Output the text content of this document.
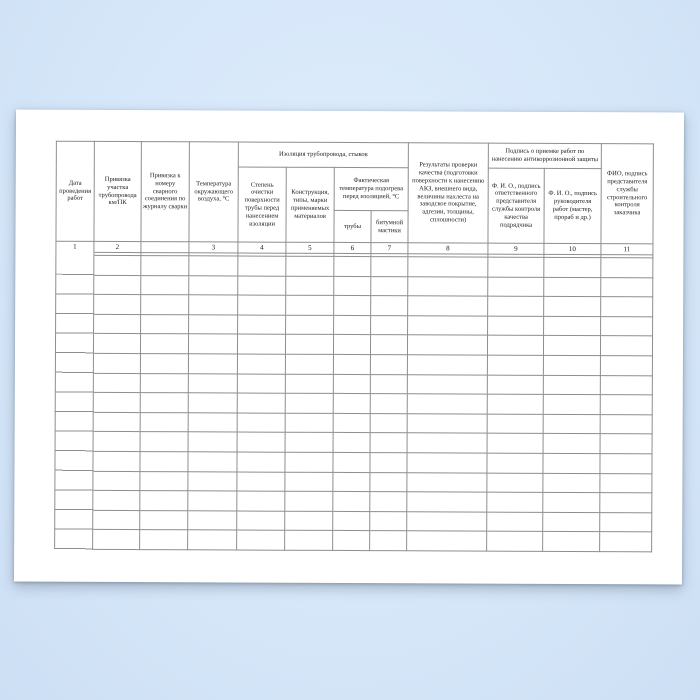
Дата проведения работ	Привязка участка трубопровода км/ПК	Привязка к номеру сварного соединения по журналу сварки	Температура окружающего воздуха, °С	Изоляция трубопровода, стыков				Результаты проверки качества (подготовки поверхности к нанесению АКЗ, внешнего вида, величины нахлеста на заводское покрытие, адгезии, толщины, сплошности)	Подпись о приемке работ по нанесению антикоррозионной защиты		ФИО, подпись представителя службы строительного контроля заказчика
				Степень очистки поверхности трубы перед нанесением изоляции	Конструкция, типы, марки применяемых материалов	Фактическая температура подогрева перед изоляцией, °С			Ф. И. О., подпись ответственного представителя службы контроля качества подрядчика	Ф. И. О., подпись руководителя работ (мастер, прораб и др.)	
						трубы	битумной мастики				
1	2		3	4	5	6	7	8	9	10	11
